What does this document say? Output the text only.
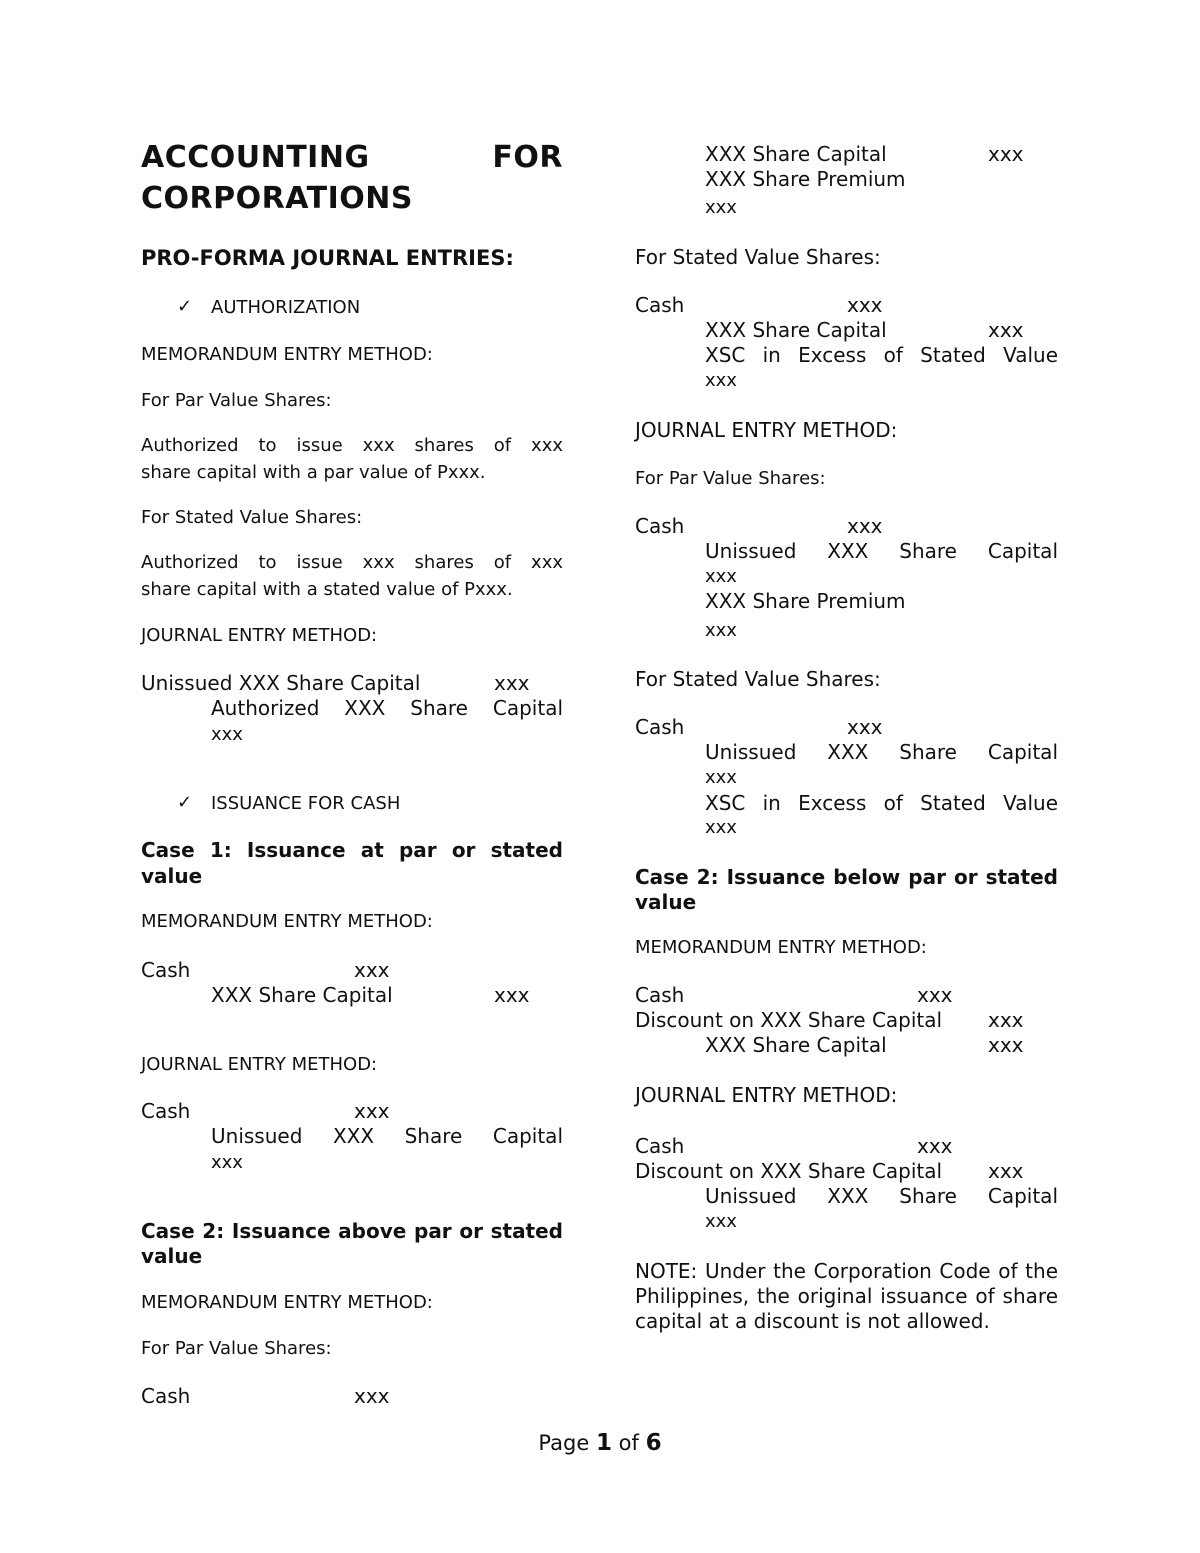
ACCOUNTING	FOR
CORPORATIONS
PRO-FORMA JOURNAL ENTRIES:
✓ AUTHORIZATION
MEMORANDUM ENTRY METHOD:
For Par Value Shares:
Authorized to issue xxx shares of xxx
share capital with a par value of Pxxx.
For Stated Value Shares:
Authorized to issue xxx shares of xxx
share capital with a stated value of Pxxx.
JOURNAL ENTRY METHOD:
Unissued XXX Share Capital	xxx
Authorized XXX Share Capital
xxx
✓ ISSUANCE FOR CASH
Case 1: Issuance at par or stated
value
MEMORANDUM ENTRY METHOD:
Cash	xxx
XXX Share Capital	xxx
JOURNAL ENTRY METHOD:
Cash	xxx
Unissued XXX Share Capital
xxx
Case 2: Issuance above par or stated
value
MEMORANDUM ENTRY METHOD:
For Par Value Shares:
Cash	xxx
XXX Share Capital	xxx
XXX Share Premium
xxx
For Stated Value Shares:
Cash	xxx
XXX Share Capital	xxx
XSC in Excess of Stated Value
xxx
JOURNAL ENTRY METHOD:
For Par Value Shares:
Cash	xxx
Unissued XXX Share Capital
xxx
XXX Share Premium
xxx
For Stated Value Shares:
Cash	xxx
Unissued XXX Share Capital
xxx
XSC in Excess of Stated Value
xxx
Case 2: Issuance below par or stated
value
MEMORANDUM ENTRY METHOD:
Cash	xxx
Discount on XXX Share Capital xxx
XXX Share Capital	xxx
JOURNAL ENTRY METHOD:
Cash	xxx
Discount on XXX Share Capital xxx
Unissued XXX Share Capital
xxx
NOTE: Under the Corporation Code of the Philippines, the original issuance of share capital at a discount is not allowed.
Page 1 of 6
